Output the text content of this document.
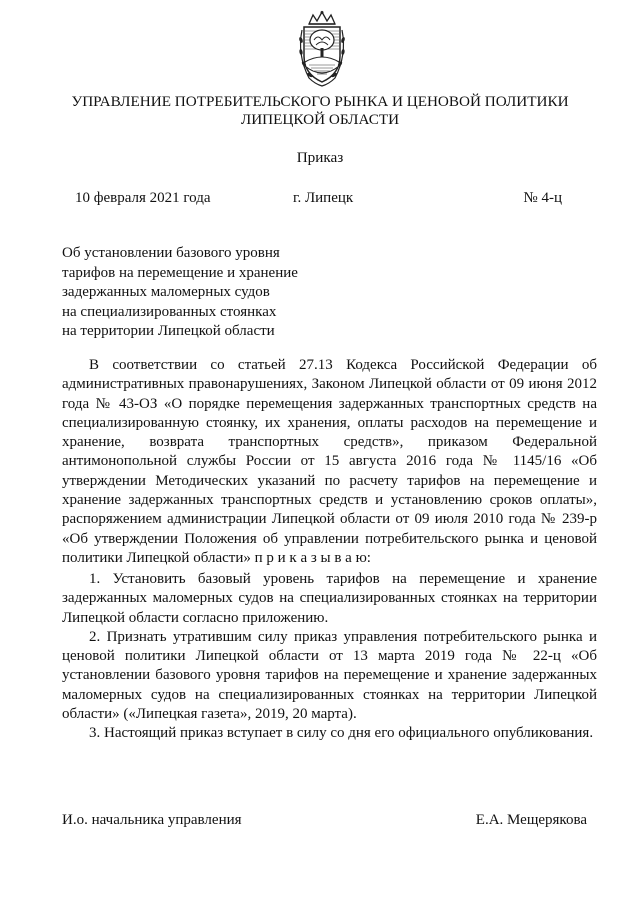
УПРАВЛЕНИЕ ПОТРЕБИТЕЛЬСКОГО РЫНКА И ЦЕНОВОЙ ПОЛИТИКИ
ЛИПЕЦКОЙ ОБЛАСТИ
Приказ
10 февраля 2021 года	г. Липецк	№ 4-ц
Об установлении базового уровня
тарифов на перемещение и хранение
задержанных маломерных судов
на специализированных стоянках
на территории Липецкой области

В соответствии со статьей 27.13 Кодекса Российской Федерации об административных правонарушениях, Законом Липецкой области от 09 июня 2012 года № 43-ОЗ «О порядке перемещения задержанных транспортных средств на специализированную стоянку, их хранения, оплаты расходов на перемещение и хранение, возврата транспортных средств», приказом Федеральной антимонопольной службы России от 15 августа 2016 года № 1145/16 «Об утверждении Методических указаний по расчету тарифов на перемещение и хранение задержанных транспортных средств и установлению сроков оплаты», распоряжением администрации Липецкой области от 09 июля 2010 года № 239-р «Об утверждении Положения об управлении потребительского рынка и ценовой политики Липецкой области» п р и к а з ы в а ю:

1. Установить базовый уровень тарифов на перемещение и хранение задержанных маломерных судов на специализированных стоянках на территории Липецкой области согласно приложению.

2. Признать утратившим силу приказ управления потребительского рынка и ценовой политики Липецкой области от 13 марта 2019 года № 22-ц «Об установлении базового уровня тарифов на перемещение и хранение задержанных маломерных судов на специализированных стоянках на территории Липецкой области» («Липецкая газета», 2019, 20 марта).

3. Настоящий приказ вступает в силу со дня его официального опубликования.

И.о. начальника управления	Е.А. Мещерякова
